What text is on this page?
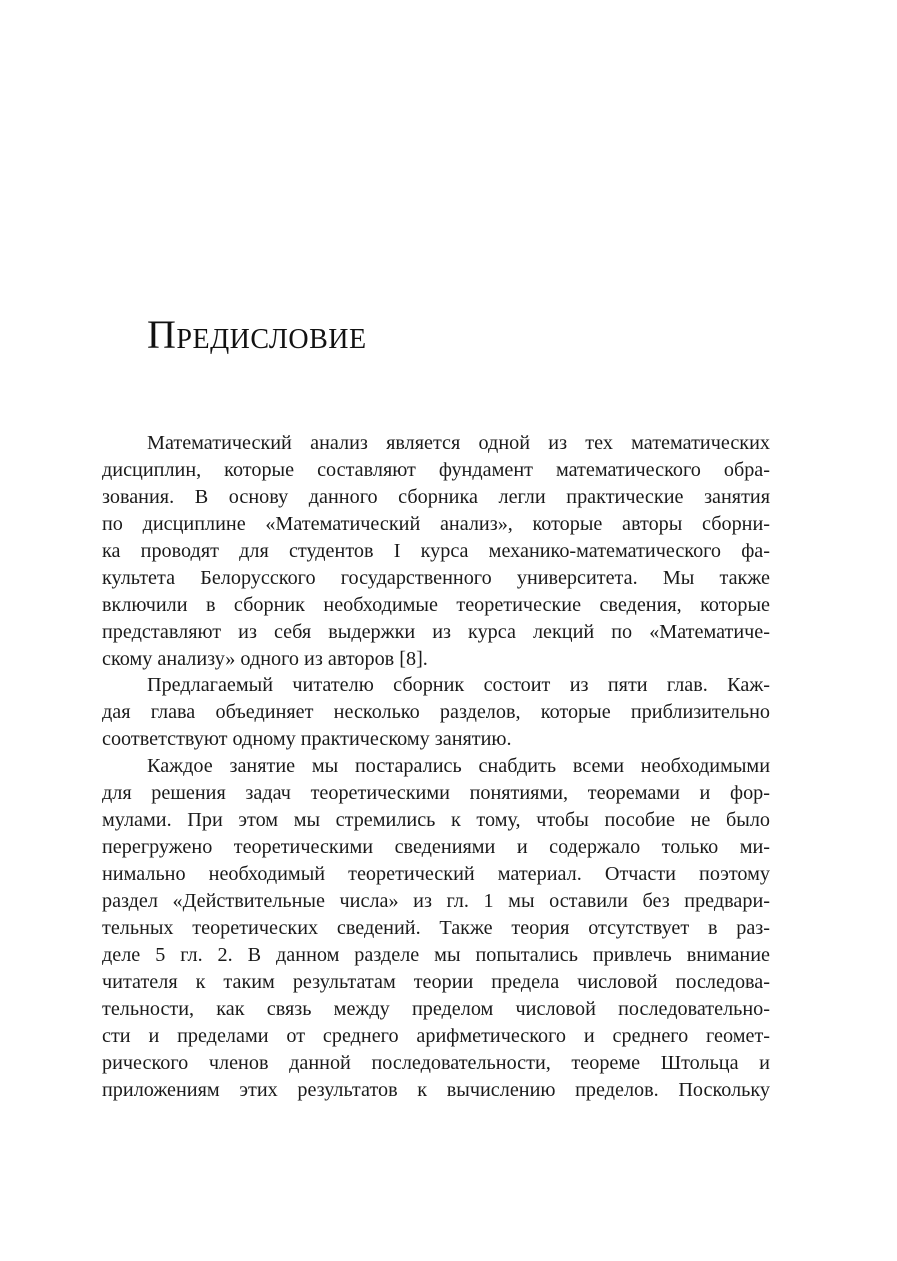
Предисловие
Математический анализ является одной из тех математических
дисциплин, которые составляют фундамент математического обра-
зования. В основу данного сборника легли практические занятия
по дисциплине «Математический анализ», которые авторы сборни-
ка проводят для студентов I курса механико-математического фа-
культета Белорусского государственного университета. Мы также
включили в сборник необходимые теоретические сведения, которые
представляют из себя выдержки из курса лекций по «Математиче-
скому анализу» одного из авторов [8].
Предлагаемый читателю сборник состоит из пяти глав. Каж-
дая глава объединяет несколько разделов, которые приблизительно
соответствуют одному практическому занятию.
Каждое занятие мы постарались снабдить всеми необходимыми
для решения задач теоретическими понятиями, теоремами и фор-
мулами. При этом мы стремились к тому, чтобы пособие не было
перегружено теоретическими сведениями и содержало только ми-
нимально необходимый теоретический материал. Отчасти поэтому
раздел «Действительные числа» из гл. 1 мы оставили без предвари-
тельных теоретических сведений. Также теория отсутствует в раз-
деле 5 гл. 2. В данном разделе мы попытались привлечь внимание
читателя к таким результатам теории предела числовой последова-
тельности, как связь между пределом числовой последовательно-
сти и пределами от среднего арифметического и среднего геомет-
рического членов данной последовательности, теореме Штольца и
приложениям этих результатов к вычислению пределов. Поскольку
